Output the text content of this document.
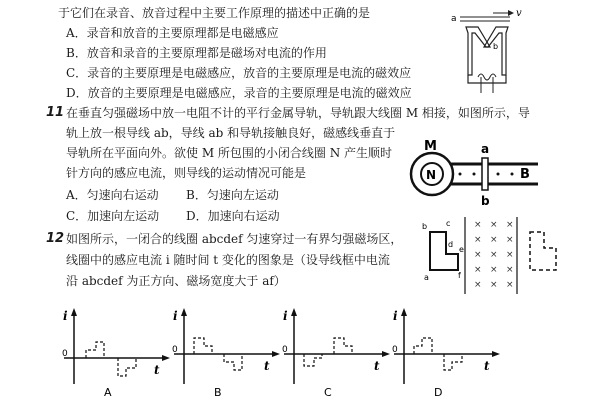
于它们在录音、放音过程中主要工作原理的描述中正确的是
A．录音和放音的主要原理都是电磁感应
B．放音和录音的主要原理都是磁场对电流的作用
C．录音的主要原理是电磁感应，放音的主要原理是电流的磁效应
D．放音的主要原理是电磁感应，录音的主要原理是电流的磁效应
a	v
b
11 在垂直匀强磁场中放一电阻不计的平行金属导轨，导轨跟大线圈 M 相接，如图所示，导
轨上放一根导线 ab，导线 ab 和导轨接触良好，磁感线垂直于
导轨所在平面向外。欲使 M 所包围的小闭合线圈 N 产生顺时
针方向的感应电流，则导线的运动情况可能是
A．匀速向右运动 B．匀速向左运动
C．加速向左运动 D．加速向右运动
M
N
a
b
B
12 如图所示，一闭合的线圈 abcdef 匀速穿过一有界匀强磁场区，
线圈中的感应电流 i 随时间 t 变化的图象是（设导线框中电流
沿 abcdef 为正方向、磁场宽度大于 af）
b c
d
e
a	f
× × ×
× × ×
× × ×
× × ×
× × ×
i
t
0
A
i
t
0
B
i
t
0
C
i
t
0
D
